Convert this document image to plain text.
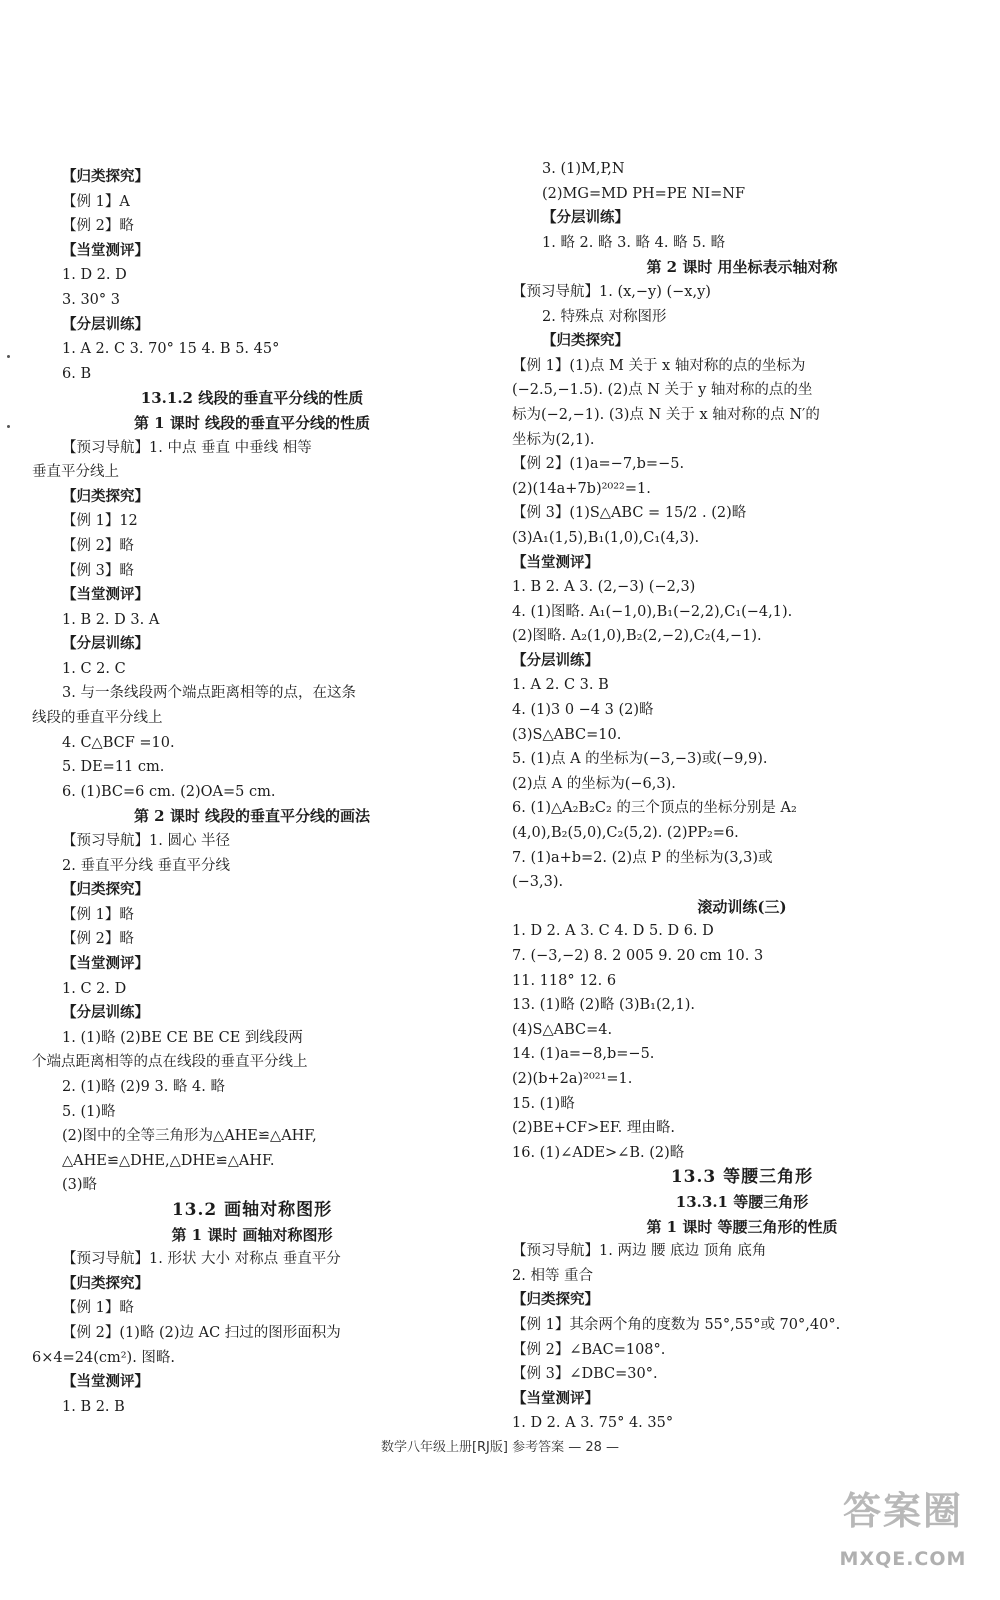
【归类探究】
【例 1】A
【例 2】略
【当堂测评】
1. D 2. D
3. 30° 3
【分层训练】
1. A 2. C 3. 70° 15 4. B 5. 45°
6. B
13.1.2 线段的垂直平分线的性质
第 1 课时 线段的垂直平分线的性质
【预习导航】1. 中点 垂直 中垂线 相等
垂直平分线上
【归类探究】
【例 1】12
【例 2】略
【例 3】略
【当堂测评】
1. B 2. D 3. A
【分层训练】
1. C 2. C
3. 与一条线段两个端点距离相等的点，在这条
线段的垂直平分线上
4. C△BCF =10.
5. DE=11 cm.
6. (1)BC=6 cm. (2)OA=5 cm.
第 2 课时 线段的垂直平分线的画法
【预习导航】1. 圆心 半径
2. 垂直平分线 垂直平分线
【归类探究】
【例 1】略
【例 2】略
【当堂测评】
1. C 2. D
【分层训练】
1. (1)略 (2)BE CE BE CE 到线段两
个端点距离相等的点在线段的垂直平分线上
2. (1)略 (2)9 3. 略 4. 略
5. (1)略
(2)图中的全等三角形为△AHE≌△AHF,
△AHE≌△DHE,△DHE≌△AHF.
(3)略
13.2 画轴对称图形
第 1 课时 画轴对称图形
【预习导航】1. 形状 大小 对称点 垂直平分
【归类探究】
【例 1】略
【例 2】(1)略 (2)边 AC 扫过的图形面积为
6×4=24(cm²). 图略.
【当堂测评】
1. B 2. B
3. (1)M,P,N
(2)MG=MD PH=PE NI=NF
【分层训练】
1. 略 2. 略 3. 略 4. 略 5. 略
第 2 课时 用坐标表示轴对称
【预习导航】1. (x,−y) (−x,y)
2. 特殊点 对称图形
【归类探究】
【例 1】(1)点 M 关于 x 轴对称的点的坐标为
(−2.5,−1.5). (2)点 N 关于 y 轴对称的点的坐
标为(−2,−1). (3)点 N 关于 x 轴对称的点 N′的
坐标为(2,1).
【例 2】(1)a=−7,b=−5.
(2)(14a+7b)²⁰²²=1.
【例 3】(1)S△ABC = 15/2 . (2)略
(3)A₁(1,5),B₁(1,0),C₁(4,3).
【当堂测评】
1. B 2. A 3. (2,−3) (−2,3)
4. (1)图略. A₁(−1,0),B₁(−2,2),C₁(−4,1).
(2)图略. A₂(1,0),B₂(2,−2),C₂(4,−1).
【分层训练】
1. A 2. C 3. B
4. (1)3 0 −4 3 (2)略
(3)S△ABC=10.
5. (1)点 A 的坐标为(−3,−3)或(−9,9).
(2)点 A 的坐标为(−6,3).
6. (1)△A₂B₂C₂ 的三个顶点的坐标分别是 A₂
(4,0),B₂(5,0),C₂(5,2). (2)PP₂=6.
7. (1)a+b=2. (2)点 P 的坐标为(3,3)或
(−3,3).
滚动训练(三)
1. D 2. A 3. C 4. D 5. D 6. D
7. (−3,−2) 8. 2 005 9. 20 cm 10. 3
11. 118° 12. 6
13. (1)略 (2)略 (3)B₁(2,1).
(4)S△ABC=4.
14. (1)a=−8,b=−5.
(2)(b+2a)²⁰²¹=1.
15. (1)略
(2)BE+CF>EF. 理由略.
16. (1)∠ADE>∠B. (2)略
13.3 等腰三角形
13.3.1 等腰三角形
第 1 课时 等腰三角形的性质
【预习导航】1. 两边 腰 底边 顶角 底角
2. 相等 重合
【归类探究】
【例 1】其余两个角的度数为 55°,55°或 70°,40°.
【例 2】∠BAC=108°.
【例 3】∠DBC=30°.
【当堂测评】
1. D 2. A 3. 75° 4. 35°
数学八年级上册[RJ版] 参考答案 — 28 —
答案圈
MXQE.COM
